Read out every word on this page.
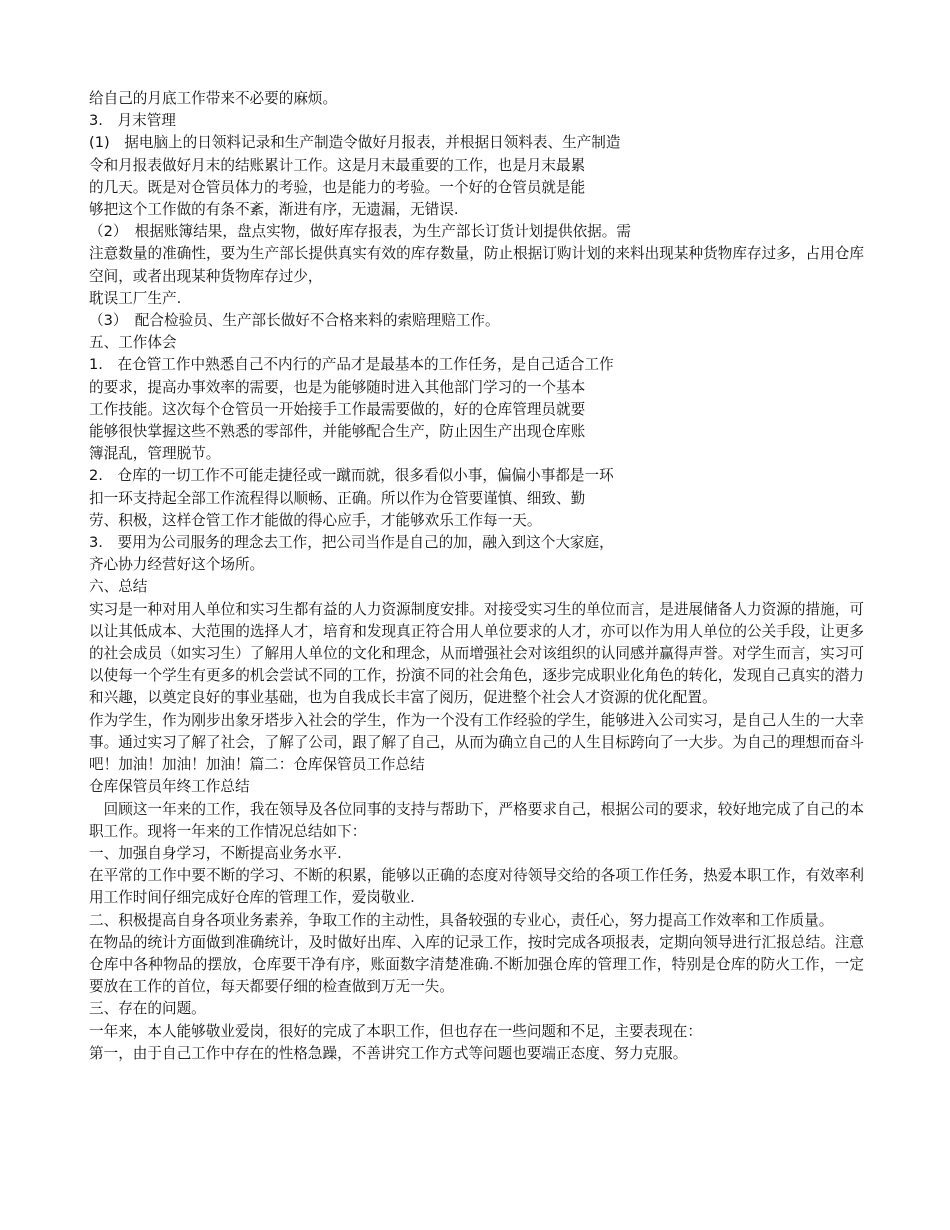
给自己的月底工作带来不必要的麻烦。

3.　月末管理

(1)　据电脑上的日领料记录和生产制造令做好月报表，并根据日领料表、生产制造

令和月报表做好月末的结账累计工作。这是月末最重要的工作，也是月末最累

的几天。既是对仓管员体力的考验，也是能力的考验。一个好的仓管员就是能

够把这个工作做的有条不紊，渐进有序，无遗漏，无错误.

（2）　根据账簿结果，盘点实物，做好库存报表，为生产部长订货计划提供依据。需

注意数量的准确性，要为生产部长提供真实有效的库存数量，防止根据订购计划的来料出现某种货物库存过多，占用仓库空间，或者出现某种货物库存过少，

耽误工厂生产.

（3）　配合检验员、生产部长做好不合格来料的索赔理赔工作。

五、工作体会

1.　在仓管工作中熟悉自己不内行的产品才是最基本的工作任务，是自己适合工作

的要求，提高办事效率的需要，也是为能够随时进入其他部门学习的一个基本

工作技能。这次每个仓管员一开始接手工作最需要做的，好的仓库管理员就要

能够很快掌握这些不熟悉的零部件，并能够配合生产，防止因生产出现仓库账

簿混乱，管理脱节。

2.　仓库的一切工作不可能走捷径或一蹴而就，很多看似小事，偏偏小事都是一环

扣一环支持起全部工作流程得以顺畅、正确。所以作为仓管要谨慎、细致、勤

劳、积极，这样仓管工作才能做的得心应手，才能够欢乐工作每一天。

3.　要用为公司服务的理念去工作，把公司当作是自己的加，融入到这个大家庭，

齐心协力经营好这个场所。

六、总结

实习是一种对用人单位和实习生都有益的人力资源制度安排。对接受实习生的单位而言，是进展储备人力资源的措施，可以让其低成本、大范围的选择人才，培育和发现真正符合用人单位要求的人才，亦可以作为用人单位的公关手段，让更多的社会成员（如实习生）了解用人单位的文化和理念，从而增强社会对该组织的认同感并赢得声誉。对学生而言，实习可以使每一个学生有更多的机会尝试不同的工作，扮演不同的社会角色，逐步完成职业化角色的转化，发现自己真实的潜力和兴趣，以奠定良好的事业基础，也为自我成长丰富了阅历，促进整个社会人才资源的优化配置。

作为学生，作为刚步出象牙塔步入社会的学生，作为一个没有工作经验的学生，能够进入公司实习，是自己人生的一大幸事。通过实习了解了社会，了解了公司，跟了解了自己，从而为确立自己的人生目标跨向了一大步。为自己的理想而奋斗吧！加油！加油！加油！篇二：仓库保管员工作总结

仓库保管员年终工作总结

　回顾这一年来的工作，我在领导及各位同事的支持与帮助下，严格要求自己，根据公司的要求，较好地完成了自己的本职工作。现将一年来的工作情况总结如下：

一、加强自身学习，不断提高业务水平.

在平常的工作中要不断的学习、不断的积累，能够以正确的态度对待领导交给的各项工作任务，热爱本职工作，有效率利用工作时间仔细完成好仓库的管理工作，爱岗敬业.

二、积极提高自身各项业务素养，争取工作的主动性，具备较强的专业心，责任心，努力提高工作效率和工作质量。

在物品的统计方面做到准确统计，及时做好出库、入库的记录工作，按时完成各项报表，定期向领导进行汇报总结。注意仓库中各种物品的摆放，仓库要干净有序，账面数字清楚准确.不断加强仓库的管理工作，特别是仓库的防火工作，一定要放在工作的首位，每天都要仔细的检查做到万无一失。

三、存在的问题。

一年来，本人能够敬业爱岗，很好的完成了本职工作，但也存在一些问题和不足，主要表现在：

第一，由于自己工作中存在的性格急躁，不善讲究工作方式等问题也要端正态度、努力克服。
